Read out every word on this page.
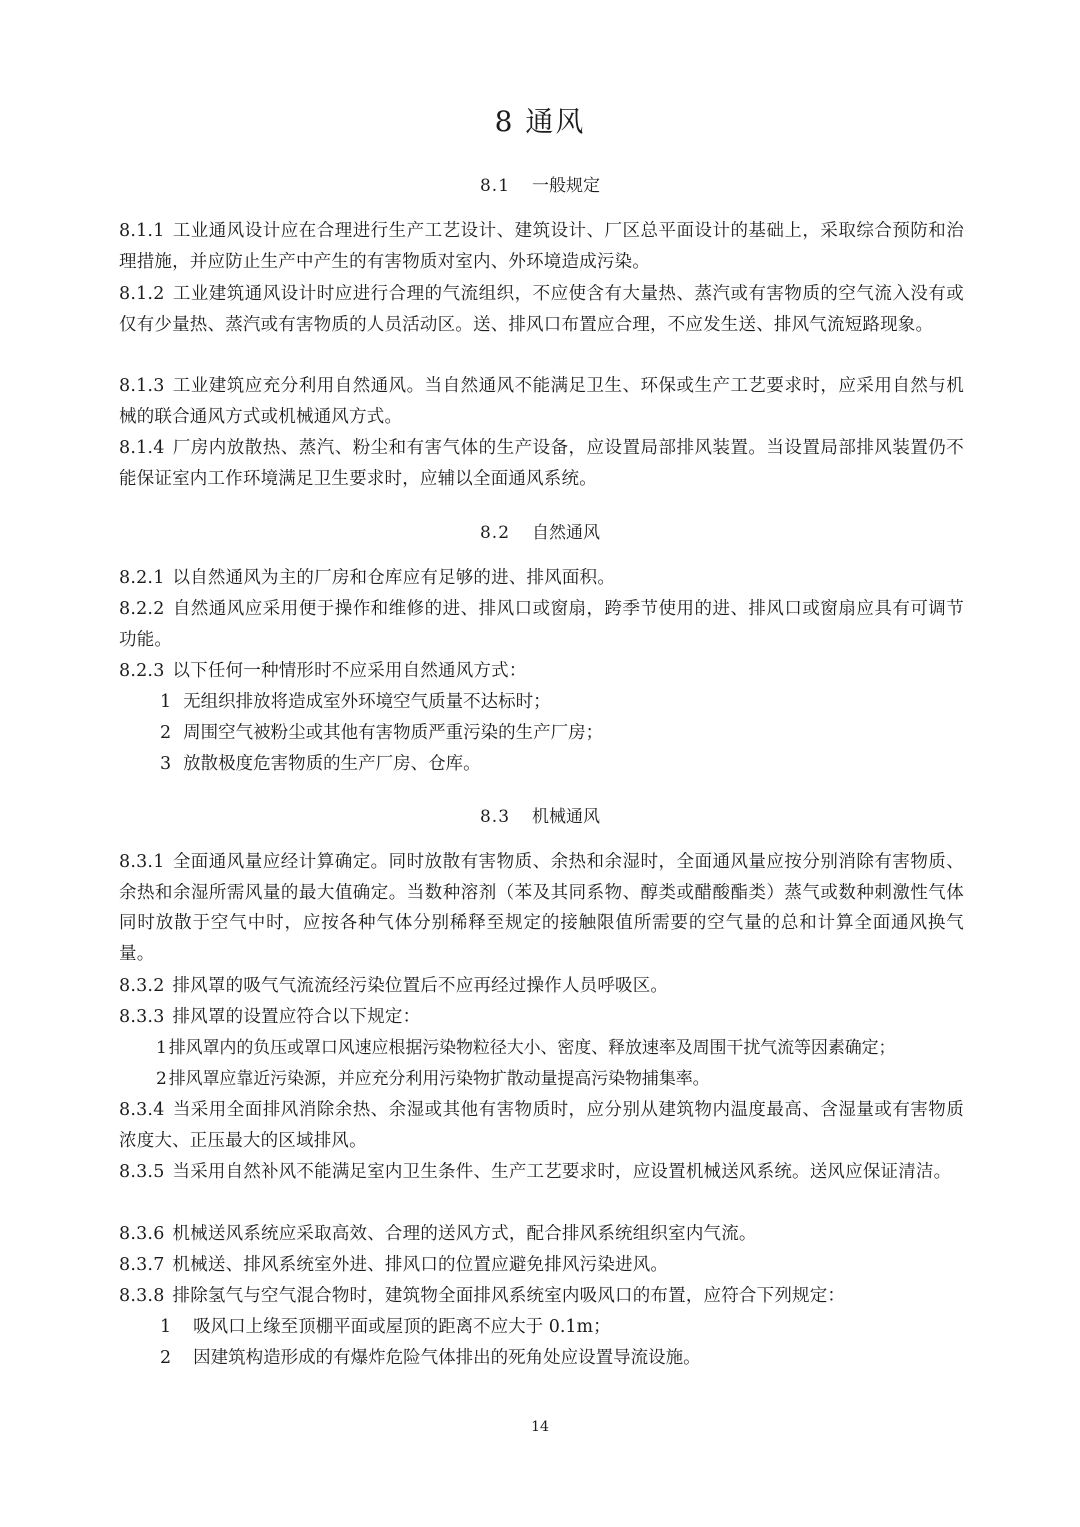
8 通风
8.1 一般规定
8.1.1 工业通风设计应在合理进行生产工艺设计、建筑设计、厂区总平面设计的基础上，采取综合预防和治理措施，并应防止生产中产生的有害物质对室内、外环境造成污染。
8.1.2 工业建筑通风设计时应进行合理的气流组织，不应使含有大量热、蒸汽或有害物质的空气流入没有或仅有少量热、蒸汽或有害物质的人员活动区。送、排风口布置应合理，不应发生送、排风气流短路现象。
8.1.3 工业建筑应充分利用自然通风。当自然通风不能满足卫生、环保或生产工艺要求时，应采用自然与机械的联合通风方式或机械通风方式。
8.1.4 厂房内放散热、蒸汽、粉尘和有害气体的生产设备，应设置局部排风装置。当设置局部排风装置仍不能保证室内工作环境满足卫生要求时，应辅以全面通风系统。
8.2 自然通风
8.2.1 以自然通风为主的厂房和仓库应有足够的进、排风面积。
8.2.2 自然通风应采用便于操作和维修的进、排风口或窗扇，跨季节使用的进、排风口或窗扇应具有可调节功能。
8.2.3 以下任何一种情形时不应采用自然通风方式：
1 无组织排放将造成室外环境空气质量不达标时；
2 周围空气被粉尘或其他有害物质严重污染的生产厂房；
3 放散极度危害物质的生产厂房、仓库。
8.3 机械通风
8.3.1 全面通风量应经计算确定。同时放散有害物质、余热和余湿时，全面通风量应按分别消除有害物质、余热和余湿所需风量的最大值确定。当数种溶剂（苯及其同系物、醇类或醋酸酯类）蒸气或数种刺激性气体同时放散于空气中时，应按各种气体分别稀释至规定的接触限值所需要的空气量的总和计算全面通风换气量。
8.3.2 排风罩的吸气气流流经污染位置后不应再经过操作人员呼吸区。
8.3.3 排风罩的设置应符合以下规定：
1 排风罩内的负压或罩口风速应根据污染物粒径大小、密度、释放速率及周围干扰气流等因素确定；
2 排风罩应靠近污染源，并应充分利用污染物扩散动量提高污染物捕集率。
8.3.4 当采用全面排风消除余热、余湿或其他有害物质时，应分别从建筑物内温度最高、含湿量或有害物质浓度大、正压最大的区域排风。
8.3.5 当采用自然补风不能满足室内卫生条件、生产工艺要求时，应设置机械送风系统。送风应保证清洁。
8.3.6 机械送风系统应采取高效、合理的送风方式，配合排风系统组织室内气流。
8.3.7 机械送、排风系统室外进、排风口的位置应避免排风污染进风。
8.3.8 排除氢气与空气混合物时，建筑物全面排风系统室内吸风口的布置，应符合下列规定：
1 吸风口上缘至顶棚平面或屋顶的距离不应大于 0.1m；
2 因建筑构造形成的有爆炸危险气体排出的死角处应设置导流设施。
14
